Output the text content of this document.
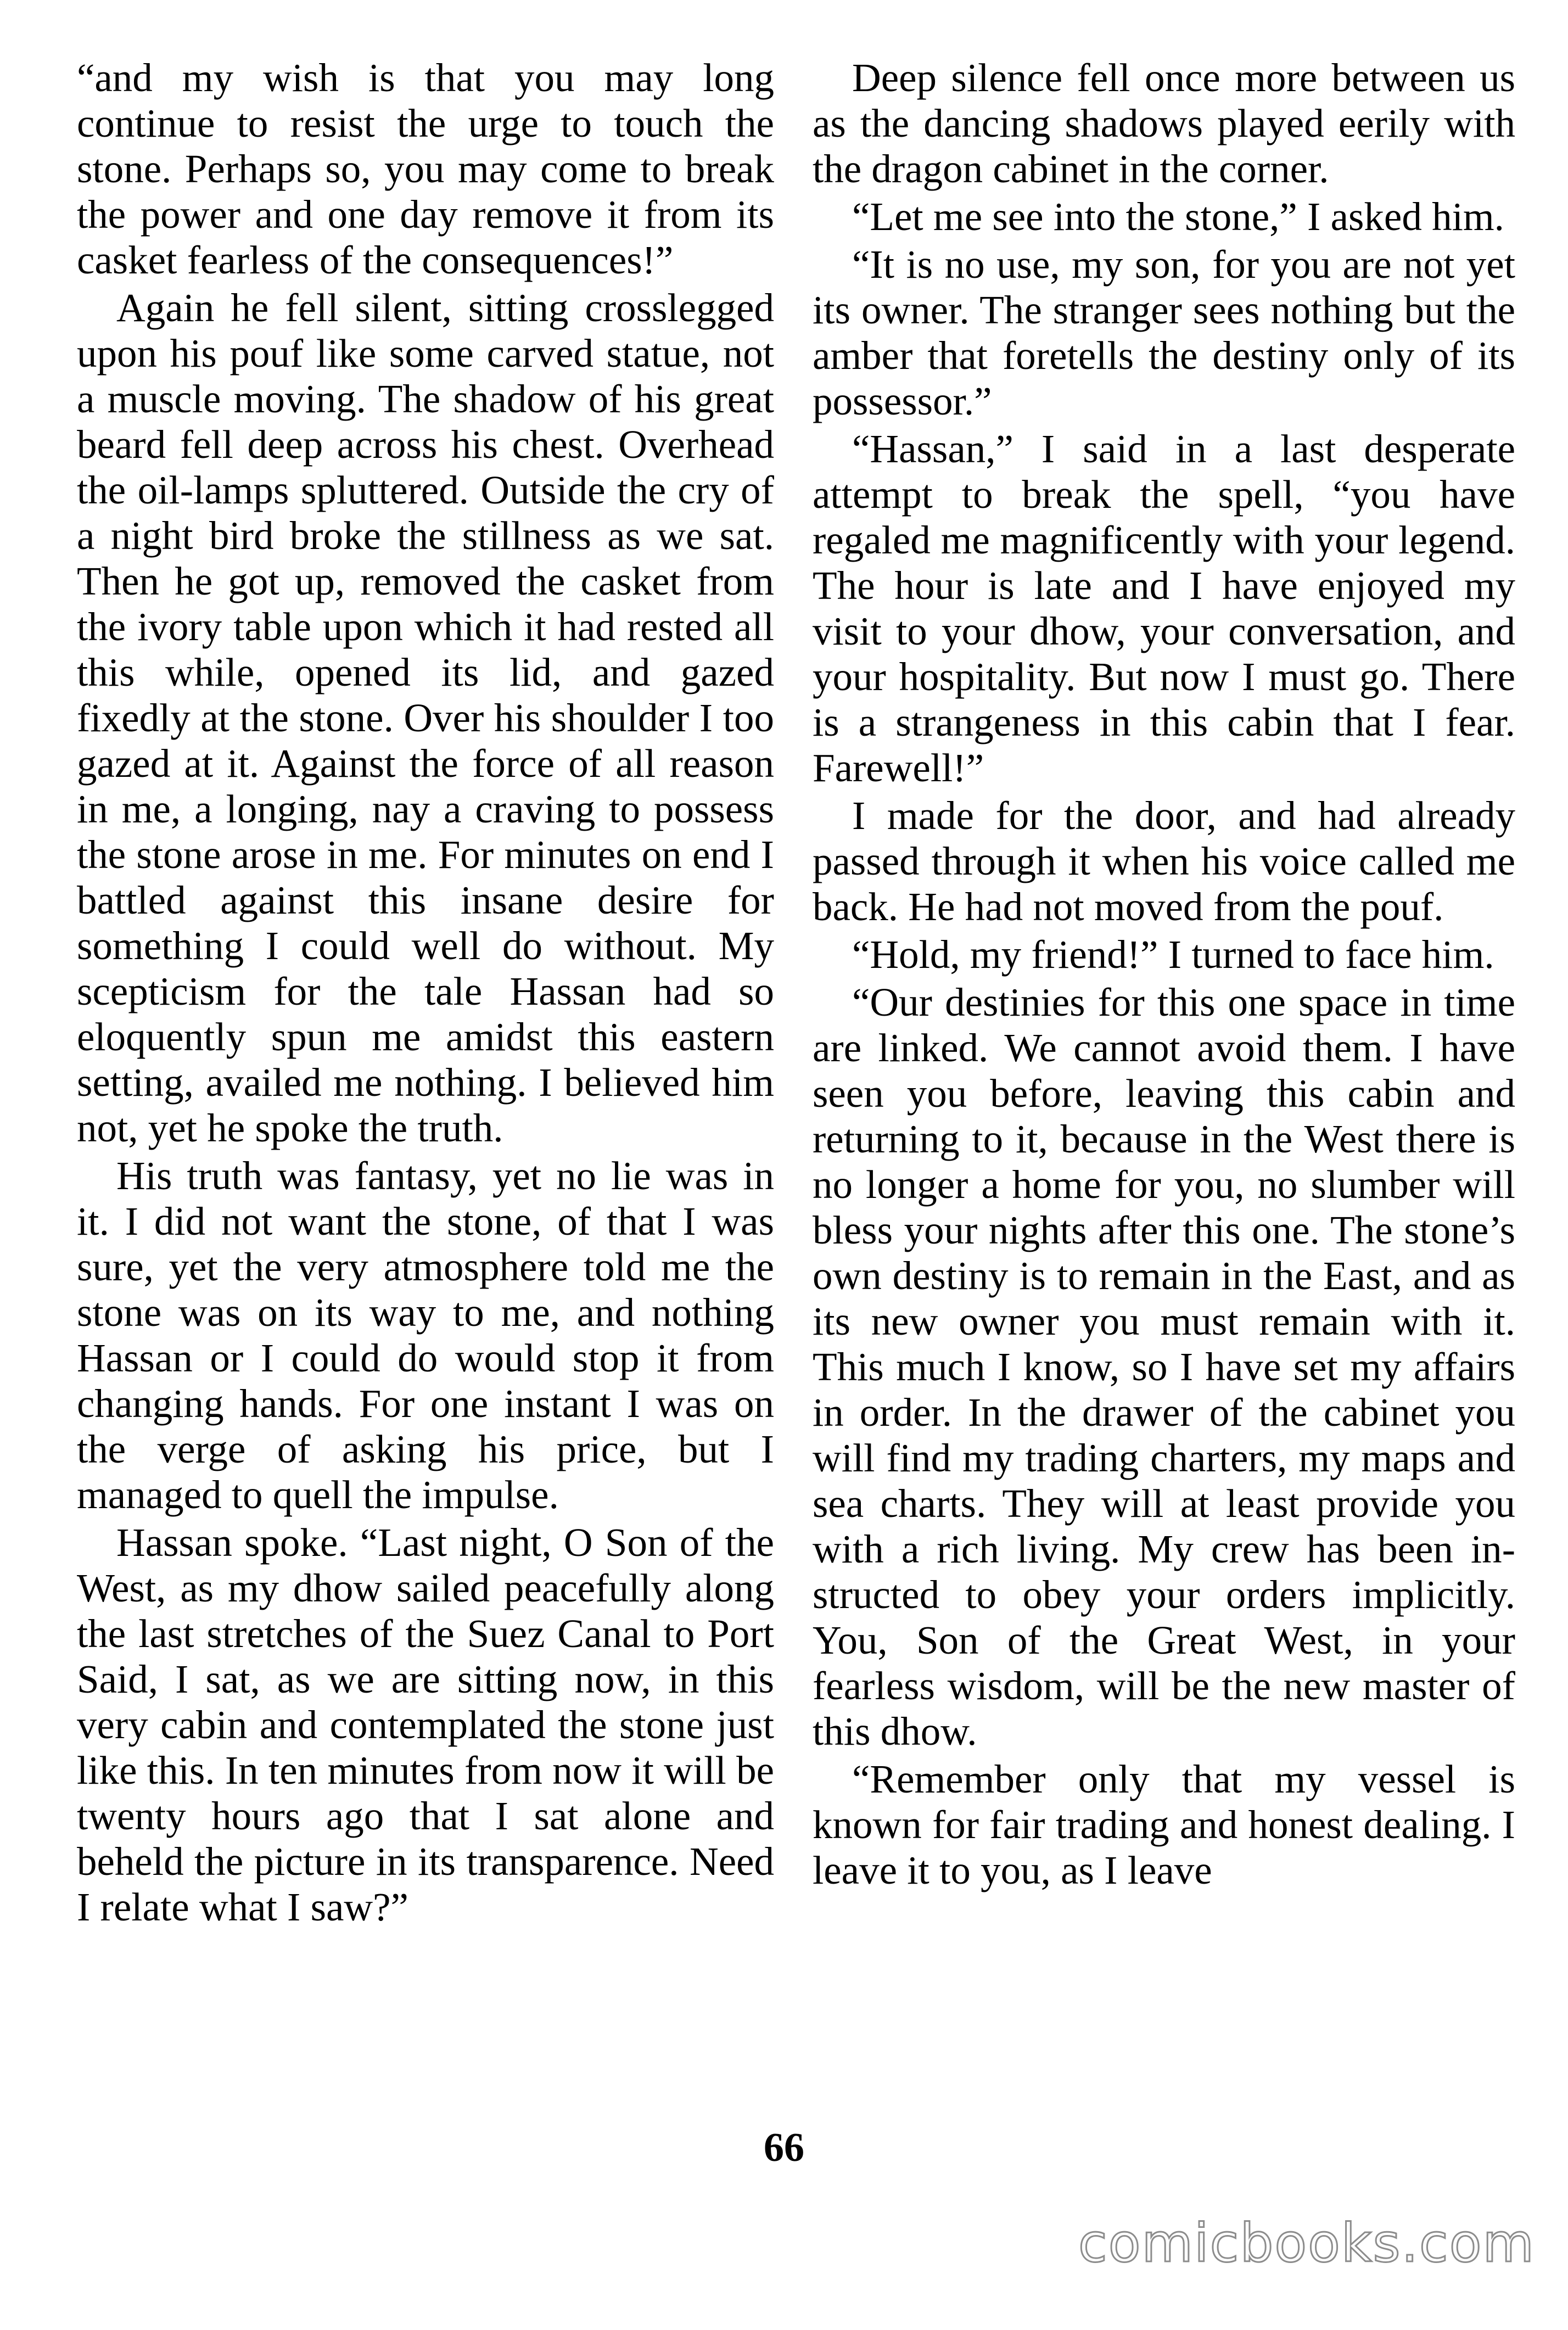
“and my wish is that you may long continue to resist the urge to touch the stone. Perhaps so, you may come to break the power and one day remove it from its casket fearless of the consequences!”

Again he fell silent, sitting crosslegged upon his pouf like some carved statue, not a muscle moving. The shadow of his great beard fell deep across his chest. Overhead the oil-lamps spluttered. Outside the cry of a night bird broke the stillness as we sat. Then he got up, removed the casket from the ivory table upon which it had rested all this while, opened its lid, and gazed fixedly at the stone. Over his shoulder I too gazed at it. Against the force of all reason in me, a longing, nay a craving to possess the stone arose in me. For minutes on end I battled against this insane desire for something I could well do without. My scepticism for the tale Hassan had so eloquently spun me amidst this eastern setting, availed me nothing. I believed him not, yet he spoke the truth.

His truth was fantasy, yet no lie was in it. I did not want the stone, of that I was sure, yet the very atmosphere told me the stone was on its way to me, and nothing Hassan or I could do would stop it from changing hands. For one instant I was on the verge of asking his price, but I managed to quell the impulse.

Hassan spoke. “Last night, O Son of the West, as my dhow sailed peacefully along the last stretches of the Suez Canal to Port Said, I sat, as we are sitting now, in this very cabin and contemplated the stone just like this. In ten minutes from now it will be twenty hours ago that I sat alone and beheld the picture in its transparence. Need I relate what I saw?”

Deep silence fell once more between us as the dancing shadows played eerily with the dragon cabinet in the corner.

“Let me see into the stone,” I asked him.

“It is no use, my son, for you are not yet its owner. The stranger sees nothing but the amber that foretells the destiny only of its possessor.”

“Hassan,” I said in a last desperate attempt to break the spell, “you have regaled me magnificently with your legend. The hour is late and I have enjoyed my visit to your dhow, your conversation, and your hospitality. But now I must go. There is a strangeness in this cabin that I fear. Farewell!”

I made for the door, and had already passed through it when his voice called me back. He had not moved from the pouf.

“Hold, my friend!” I turned to face him.

“Our destinies for this one space in time are linked. We cannot avoid them. I have seen you before, leaving this cabin and returning to it, because in the West there is no longer a home for you, no slumber will bless your nights after this one. The stone’s own destiny is to remain in the East, and as its new owner you must remain with it. This much I know, so I have set my affairs in order. In the drawer of the cabinet you will find my trading charters, my maps and sea charts. They will at least provide you with a rich living. My crew has been instructed to obey your orders implicitly. You, Son of the Great West, in your fearless wisdom, will be the new master of this dhow.

“Remember only that my vessel is known for fair trading and honest dealing. I leave it to you, as I leave

66
comicbooks.com
